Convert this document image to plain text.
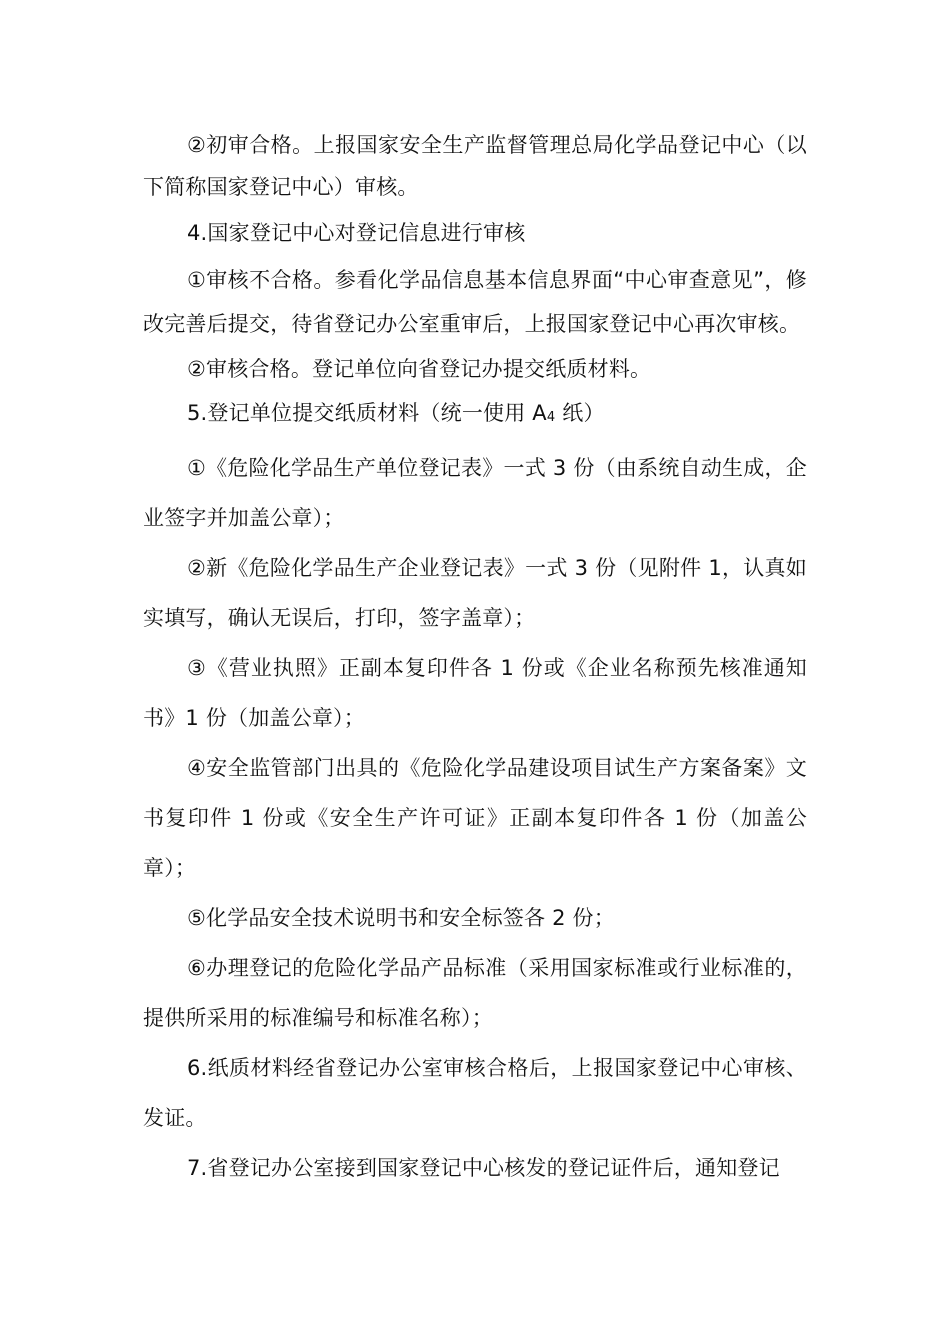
②初审合格。上报国家安全生产监督管理总局化学品登记中心（以下简称国家登记中心）审核。

4.国家登记中心对登记信息进行审核

①审核不合格。参看化学品信息基本信息界面“中心审查意见”，修改完善后提交，待省登记办公室重审后，上报国家登记中心再次审核。

②审核合格。登记单位向省登记办提交纸质材料。

5.登记单位提交纸质材料（统一使用 $A_4$ 纸）

①《危险化学品生产单位登记表》一式 3 份（由系统自动生成，企业签字并加盖公章）；

②新《危险化学品生产企业登记表》一式 3 份（见附件 1，认真如实填写，确认无误后，打印，签字盖章）；

③《营业执照》正副本复印件各 1 份或《企业名称预先核准通知书》1 份（加盖公章）；

④安全监管部门出具的《危险化学品建设项目试生产方案备案》文书复印件 1 份或《安全生产许可证》正副本复印件各 1 份（加盖公章）；

⑤化学品安全技术说明书和安全标签各 2 份；

⑥办理登记的危险化学品产品标准（采用国家标准或行业标准的，提供所采用的标准编号和标准名称）；

6.纸质材料经省登记办公室审核合格后，上报国家登记中心审核、发证。

7.省登记办公室接到国家登记中心核发的登记证件后，通知登记
